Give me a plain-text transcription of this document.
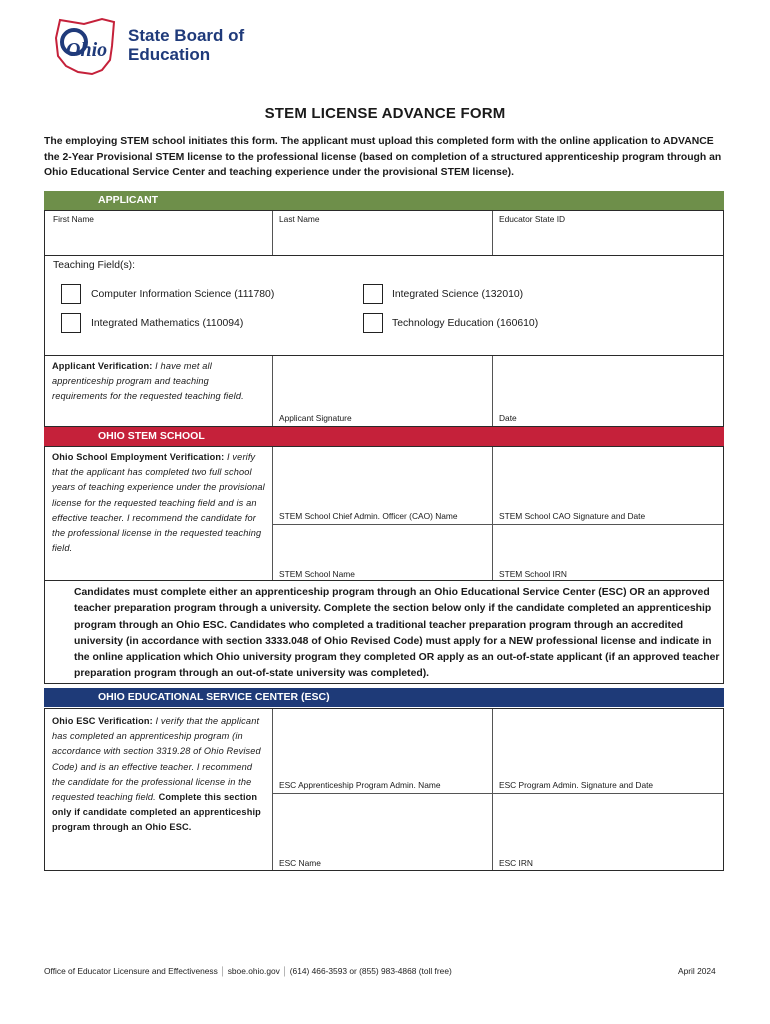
Ohio
State Board of
Education
STEM LICENSE ADVANCE FORM
The employing STEM school initiates this form. The applicant must upload this completed form with the online application to ADVANCE the 2-Year Provisional STEM license to the professional license (based on completion of a structured apprenticeship program through an Ohio Educational Service Center and teaching experience under the provisional STEM license).
APPLICANT
First Name	Last Name	Educator State ID
Teaching Field(s):
Computer Information Science (111780)	Integrated Science (132010)
Integrated Mathematics (110094)	Technology Education (160610)
Applicant Verification: I have met all apprenticeship program and teaching requirements for the requested teaching field.
Applicant Signature	Date
OHIO STEM SCHOOL
Ohio School Employment Verification: I verify that the applicant has completed two full school years of teaching experience under the provisional license for the requested teaching field and is an effective teacher. I recommend the candidate for the professional license in the requested teaching field.
STEM School Chief Admin. Officer (CAO) Name	STEM School CAO Signature and Date
STEM School Name	STEM School IRN
Candidates must complete either an apprenticeship program through an Ohio Educational Service Center (ESC) OR an approved teacher preparation program through a university. Complete the section below only if the candidate completed an apprenticeship program through an Ohio ESC. Candidates who completed a traditional teacher preparation program through an accredited university (in accordance with section 3333.048 of Ohio Revised Code) must apply for a NEW professional license and indicate in the online application which Ohio university program they completed OR apply as an out-of-state applicant (if an approved teacher preparation program through an out-of-state university was completed).
OHIO EDUCATIONAL SERVICE CENTER (ESC)
Ohio ESC Verification: I verify that the applicant has completed an apprenticeship program (in accordance with section 3319.28 of Ohio Revised Code) and is an effective teacher. I recommend the candidate for the professional license in the requested teaching field. Complete this section only if candidate completed an apprenticeship program through an Ohio ESC.
ESC Apprenticeship Program Admin. Name	ESC Program Admin. Signature and Date
ESC Name	ESC IRN
Office of Educator Licensure and Effectiveness │ sboe.ohio.gov │ (614) 466-3593 or (855) 983-4868 (toll free)	April 2024
